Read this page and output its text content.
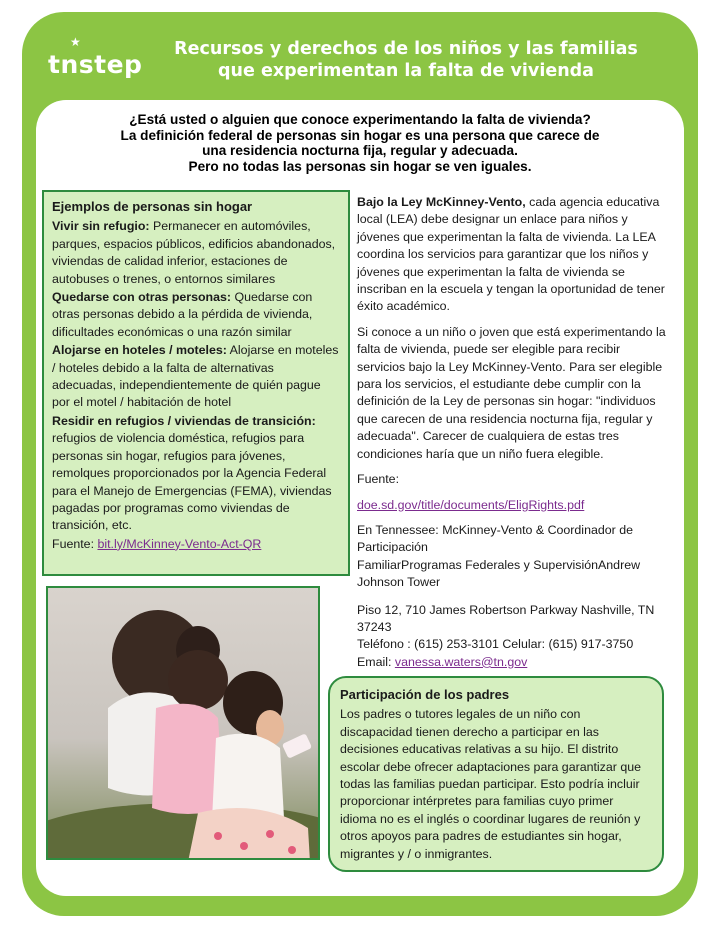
★
tnstep
Recursos y derechos de los niños y las familias
que experimentan la falta de vivienda
¿Está usted o alguien que conoce experimentando la falta de vivienda?
La definición federal de personas sin hogar es una persona que carece de
una residencia nocturna fija, regular y adecuada.
Pero no todas las personas sin hogar se ven iguales.
Ejemplos de personas sin hogar

Vivir sin refugio: Permanecer en automóviles, parques, espacios públicos, edificios abandonados, viviendas de calidad inferior, estaciones de autobuses o trenes, o entornos similares

Quedarse con otras personas: Quedarse con otras personas debido a la pérdida de vivienda, dificultades económicas o una razón similar

Alojarse en hoteles / moteles: Alojarse en moteles / hoteles debido a la falta de alternativas adecuadas, independientemente de quién pague por el motel / habitación de hotel

Residir en refugios / viviendas de transición: refugios de violencia doméstica, refugios para personas sin hogar, refugios para jóvenes, remolques proporcionados por la Agencia Federal para el Manejo de Emergencias (FEMA), viviendas pagadas por programas como viviendas de transición, etc.

Fuente: bit.ly/McKinney-Vento-Act-QR

Bajo la Ley McKinney-Vento, cada agencia educativa local (LEA) debe designar un enlace para niños y jóvenes que experimentan la falta de vivienda. La LEA coordina los servicios para garantizar que los niños y jóvenes que experimentan la falta de vivienda se inscriban en la escuela y tengan la oportunidad de tener éxito académico.

Si conoce a un niño o joven que está experimentando la falta de vivienda, puede ser elegible para recibir servicios bajo la Ley McKinney-Vento. Para ser elegible para los servicios, el estudiante debe cumplir con la definición de la Ley de personas sin hogar: "individuos que carecen de una residencia nocturna fija, regular y adecuada". Carecer de cualquiera de estas tres condiciones haría que un niño fuera elegible.

Fuente:

doe.sd.gov/title/documents/EligRights.pdf

En Tennessee: McKinney-Vento & Coordinador de Participación
FamiliarProgramas Federales y SupervisiónAndrew Johnson Tower

Piso 12, 710 James Robertson Parkway Nashville, TN 37243
Teléfono : (615) 253-3101 Celular: (615) 917-3750
Email: vanessa.waters@tn.gov

Participación de los padres

Los padres o tutores legales de un niño con discapacidad tienen derecho a participar en las decisiones educativas relativas a su hijo. El distrito escolar debe ofrecer adaptaciones para garantizar que todas las familias puedan participar. Esto podría incluir proporcionar intérpretes para familias cuyo primer idioma no es el inglés o coordinar lugares de reunión y otros apoyos para padres de estudiantes sin hogar, migrantes y / o inmigrantes.
